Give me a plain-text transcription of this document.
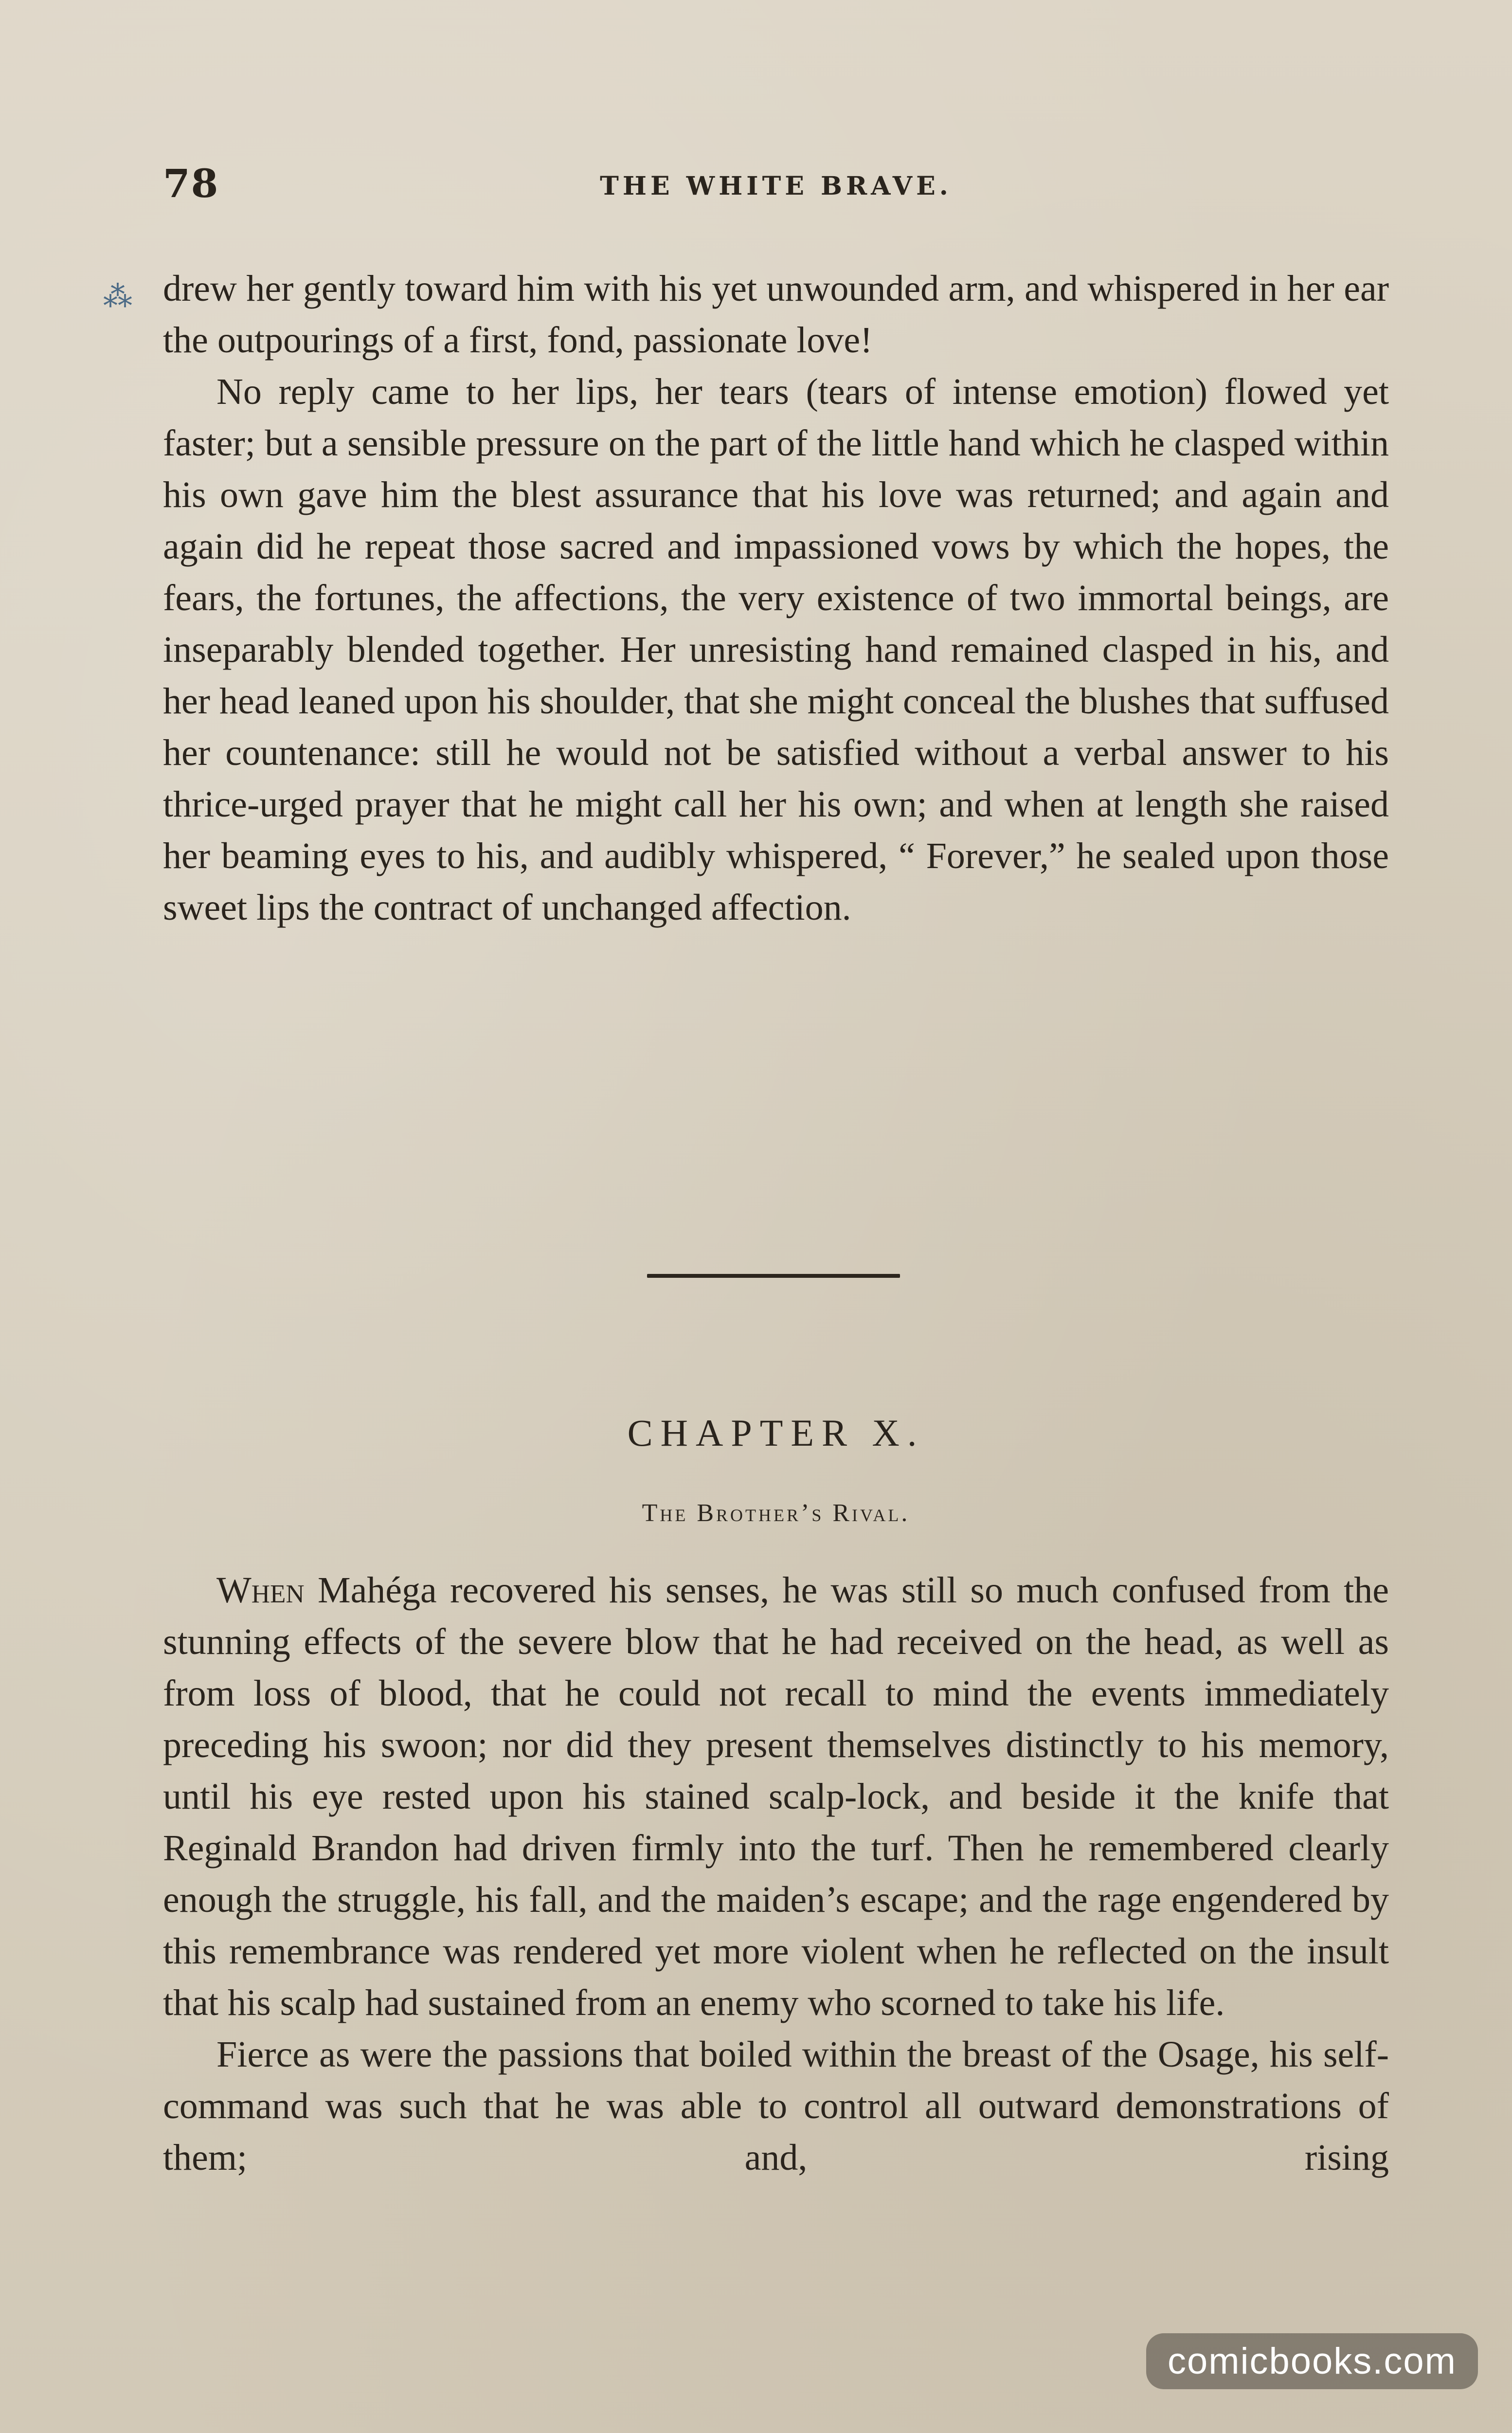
⁂
78	THE WHITE BRAVE.

drew her gently toward him with his yet unwounded arm, and whispered in her ear the outpourings of a first, fond, passionate love!

No reply came to her lips, her tears (tears of intense emotion) flowed yet faster; but a sensible pressure on the part of the little hand which he clasped within his own gave him the blest assurance that his love was returned; and again and again did he repeat those sacred and impassioned vows by which the hopes, the fears, the fortunes, the affections, the very existence of two immortal beings, are inseparably blended together. Her unresisting hand remained clasped in his, and her head leaned upon his shoulder, that she might conceal the blushes that suffused her countenance: still he would not be satisfied without a verbal answer to his thrice-urged prayer that he might call her his own; and when at length she raised her beaming eyes to his, and audibly whispered, “ Forever,” he sealed upon those sweet lips the contract of unchanged affection.

CHAPTER X.
The Brother’s Rival.

When Mahéga recovered his senses, he was still so much confused from the stunning effects of the severe blow that he had received on the head, as well as from loss of blood, that he could not recall to mind the events immediately preceding his swoon; nor did they present themselves distinctly to his memory, until his eye rested upon his stained scalp-lock, and beside it the knife that Reginald Brandon had driven firmly into the turf. Then he remembered clearly enough the struggle, his fall, and the maiden’s escape; and the rage engendered by this remembrance was rendered yet more violent when he reflected on the insult that his scalp had sustained from an enemy who scorned to take his life.

Fierce as were the passions that boiled within the breast of the Osage, his self-command was such that he was able to control all outward demonstrations of them; and, rising

comicbooks.com
